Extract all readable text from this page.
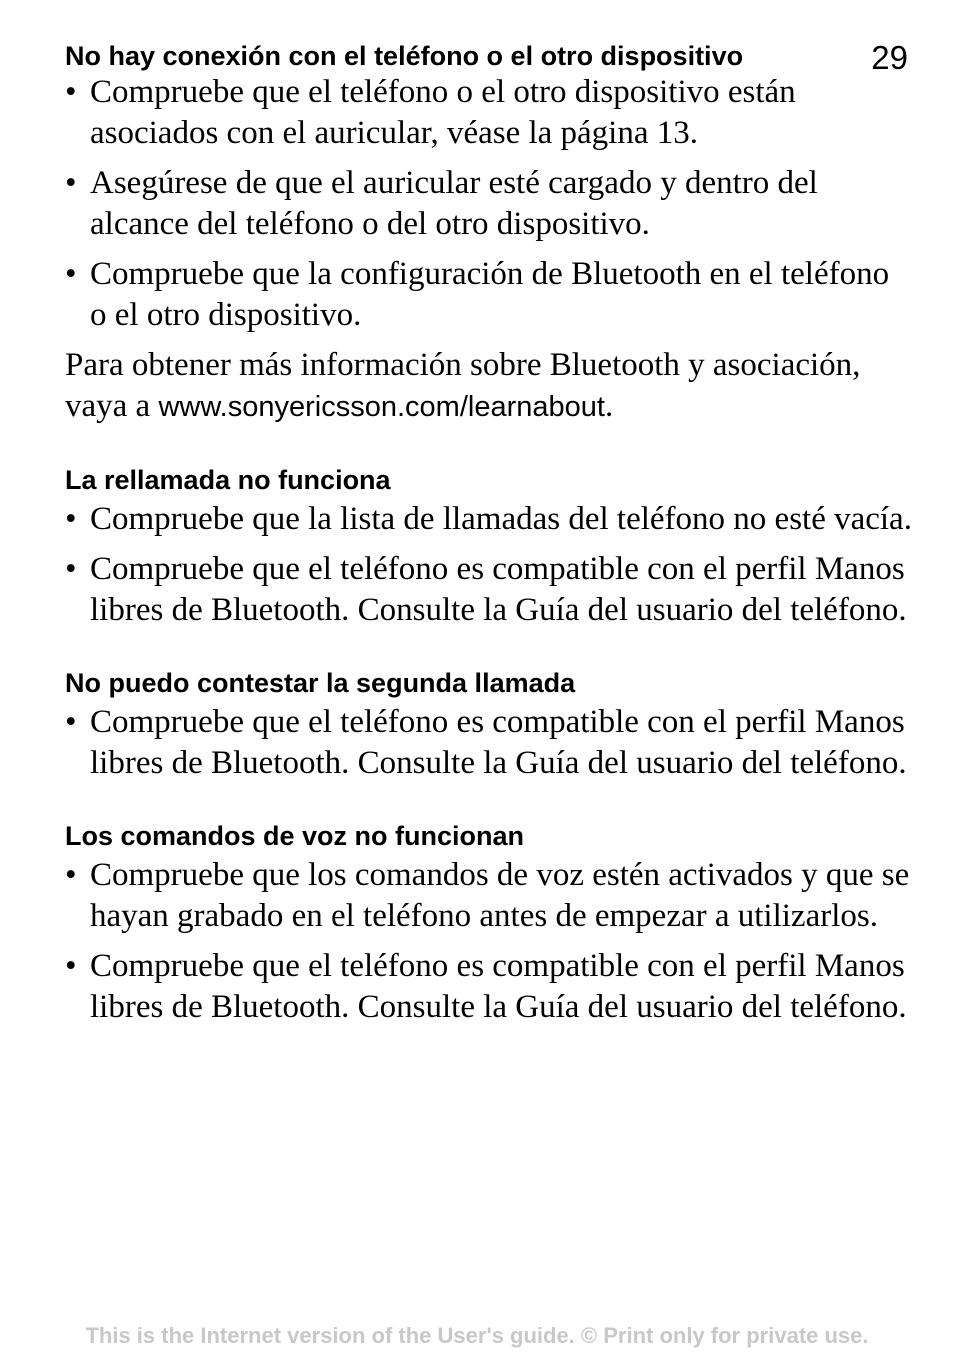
29
No hay conexión con el teléfono o el otro dispositivo
• Compruebe que el teléfono o el otro dispositivo están asociados con el auricular, véase la página 13.
• Asegúrese de que el auricular esté cargado y dentro del alcance del teléfono o del otro dispositivo.
• Compruebe que la configuración de Bluetooth en el teléfono o el otro dispositivo.

Para obtener más información sobre Bluetooth y asociación, vaya a www.sonyericsson.com/learnabout.

La rellamada no funciona
• Compruebe que la lista de llamadas del teléfono no esté vacía.
• Compruebe que el teléfono es compatible con el perfil Manos libres de Bluetooth. Consulte la Guía del usuario del teléfono.
No puedo contestar la segunda llamada
• Compruebe que el teléfono es compatible con el perfil Manos libres de Bluetooth. Consulte la Guía del usuario del teléfono.
Los comandos de voz no funcionan
• Compruebe que los comandos de voz estén activados y que se hayan grabado en el teléfono antes de empezar a utilizarlos.
• Compruebe que el teléfono es compatible con el perfil Manos libres de Bluetooth. Consulte la Guía del usuario del teléfono.
This is the Internet version of the User's guide. © Print only for private use.
